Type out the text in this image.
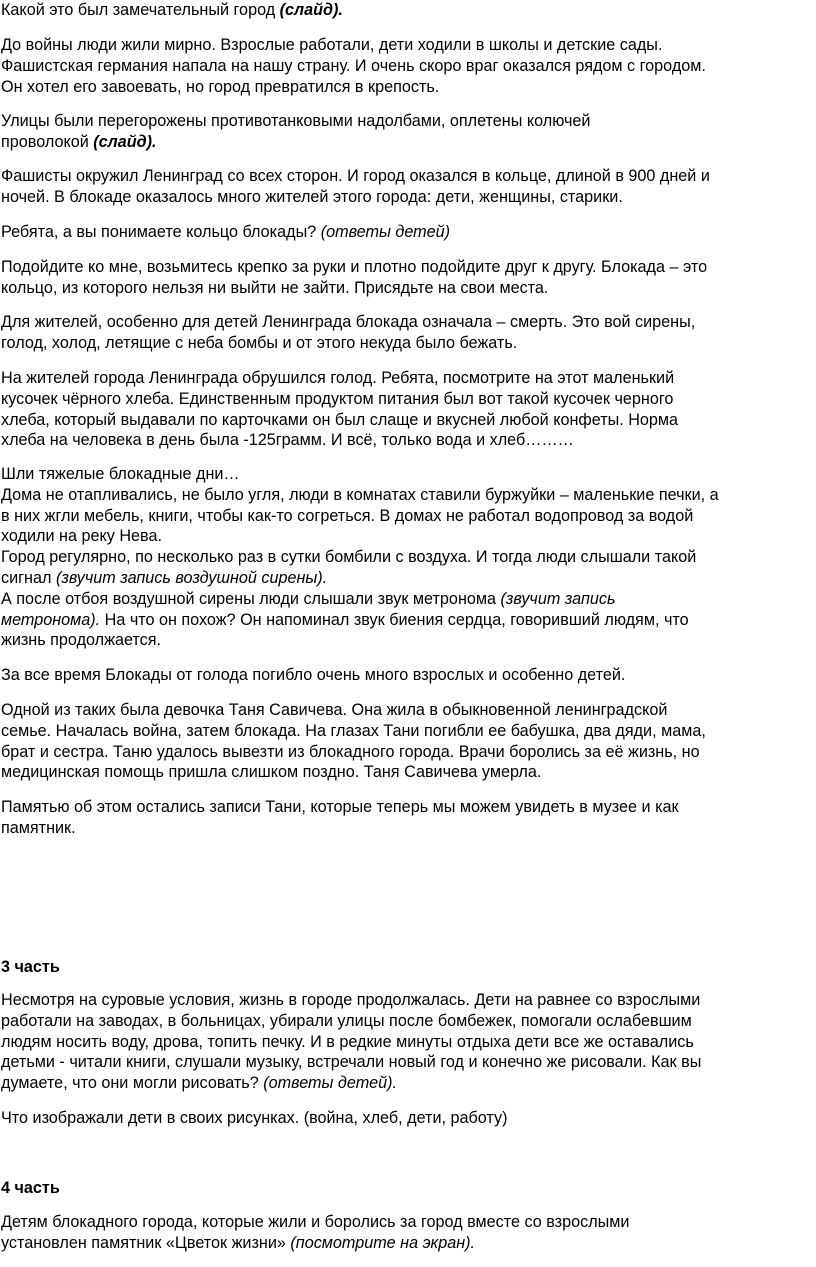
Какой это был замечательный город (слайд).

До войны люди жили мирно. Взрослые работали, дети ходили в школы и детские сады.

Фашистская германия напала на нашу страну. И очень скоро враг оказался рядом с городом.

Он хотел его завоевать, но город превратился в крепость.

Улицы были перегорожены противотанковыми надолбами, оплетены колючей

проволокой (слайд).

Фашисты окружил Ленинград со всех сторон. И город оказался в кольце, длиной в 900 дней и

ночей. В блокаде оказалось много жителей этого города: дети, женщины, старики.

Ребята, а вы понимаете кольцо блокады? (ответы детей)

Подойдите ко мне, возьмитесь крепко за руки и плотно подойдите друг к другу. Блокада – это

кольцо, из которого нельзя ни выйти не зайти. Присядьте на свои места.

Для жителей, особенно для детей Ленинграда блокада означала – смерть. Это вой сирены,

голод, холод, летящие с неба бомбы и от этого некуда было бежать.

На жителей города Ленинграда обрушился голод. Ребята, посмотрите на этот маленький

кусочек чёрного хлеба. Единственным продуктом питания был вот такой кусочек черного

хлеба, который выдавали по карточками он был слаще и вкусней любой конфеты. Норма

хлеба на человека в день была -125грамм. И всё, только вода и хлеб………

Шли тяжелые блокадные дни…

Дома не отапливались, не было угля, люди в комнатах ставили буржуйки – маленькие печки, а

в них жгли мебель, книги, чтобы как-то согреться. В домах не работал водопровод за водой

ходили на реку Нева.

Город регулярно, по несколько раз в сутки бомбили с воздуха. И тогда люди слышали такой

сигнал (звучит запись воздушной сирены).

А после отбоя воздушной сирены люди слышали звук метронома (звучит запись

метронома). На что он похож? Он напоминал звук биения сердца, говоривший людям, что

жизнь продолжается.

За все время Блокады от голода погибло очень много взрослых и особенно детей.

Одной из таких была девочка Таня Савичева. Она жила в обыкновенной ленинградской

семье. Началась война, затем блокада. На глазах Тани погибли ее бабушка, два дяди, мама,

брат и сестра. Таню удалось вывезти из блокадного города. Врачи боролись за её жизнь, но

медицинская помощь пришла слишком поздно. Таня Савичева умерла.

Памятью об этом остались записи Тани, которые теперь мы можем увидеть в музее и как

памятник.

3 часть

Несмотря на суровые условия, жизнь в городе продолжалась. Дети на равнее со взрослыми

работали на заводах, в больницах, убирали улицы после бомбежек, помогали ослабевшим

людям носить воду, дрова, топить печку. И в редкие минуты отдыха дети все же оставались

детьми - читали книги, слушали музыку, встречали новый год и конечно же рисовали. Как вы

думаете, что они могли рисовать? (ответы детей).

Что изображали дети в своих рисунках. (война, хлеб, дети, работу)

4 часть

Детям блокадного города, которые жили и боролись за город вместе со взрослыми

установлен памятник «Цветок жизни» (посмотрите на экран).
